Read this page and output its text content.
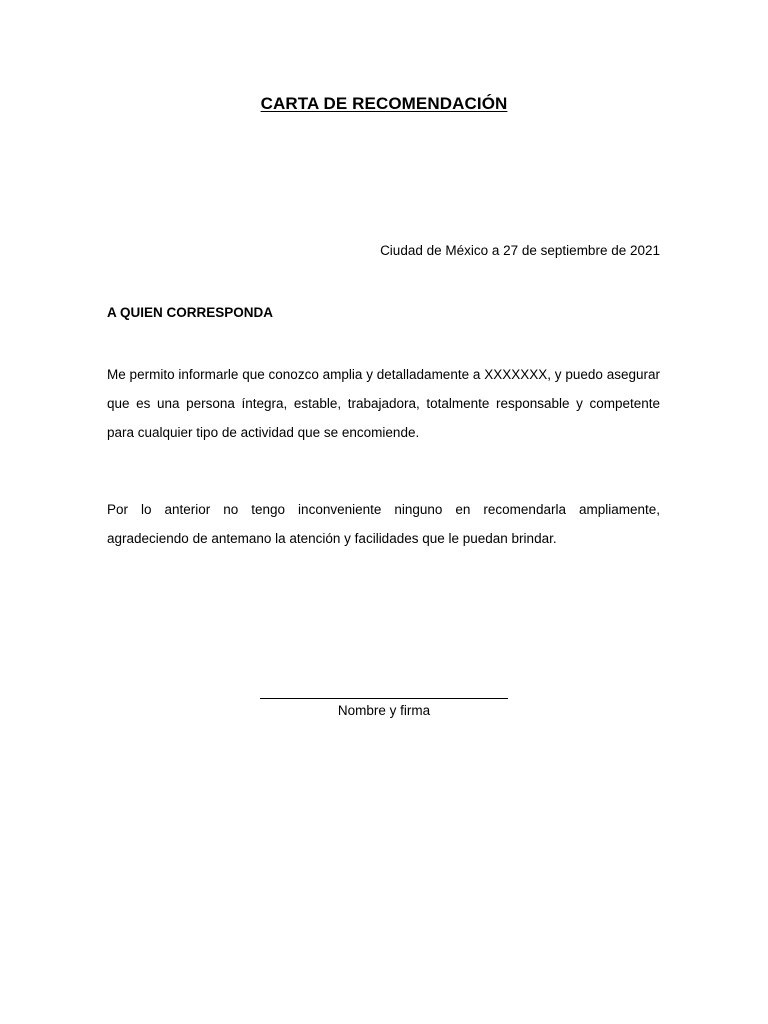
CARTA DE RECOMENDACIÓN
Ciudad de México a 27 de septiembre de 2021
A QUIEN CORRESPONDA
Me permito informarle que conozco amplia y detalladamente a XXXXXXX, y puedo asegurar que es una persona íntegra, estable, trabajadora, totalmente responsable y competente para cualquier tipo de actividad que se encomiende.
Por lo anterior no tengo inconveniente ninguno en recomendarla ampliamente, agradeciendo de antemano la atención y facilidades que le puedan brindar.
Nombre y firma
